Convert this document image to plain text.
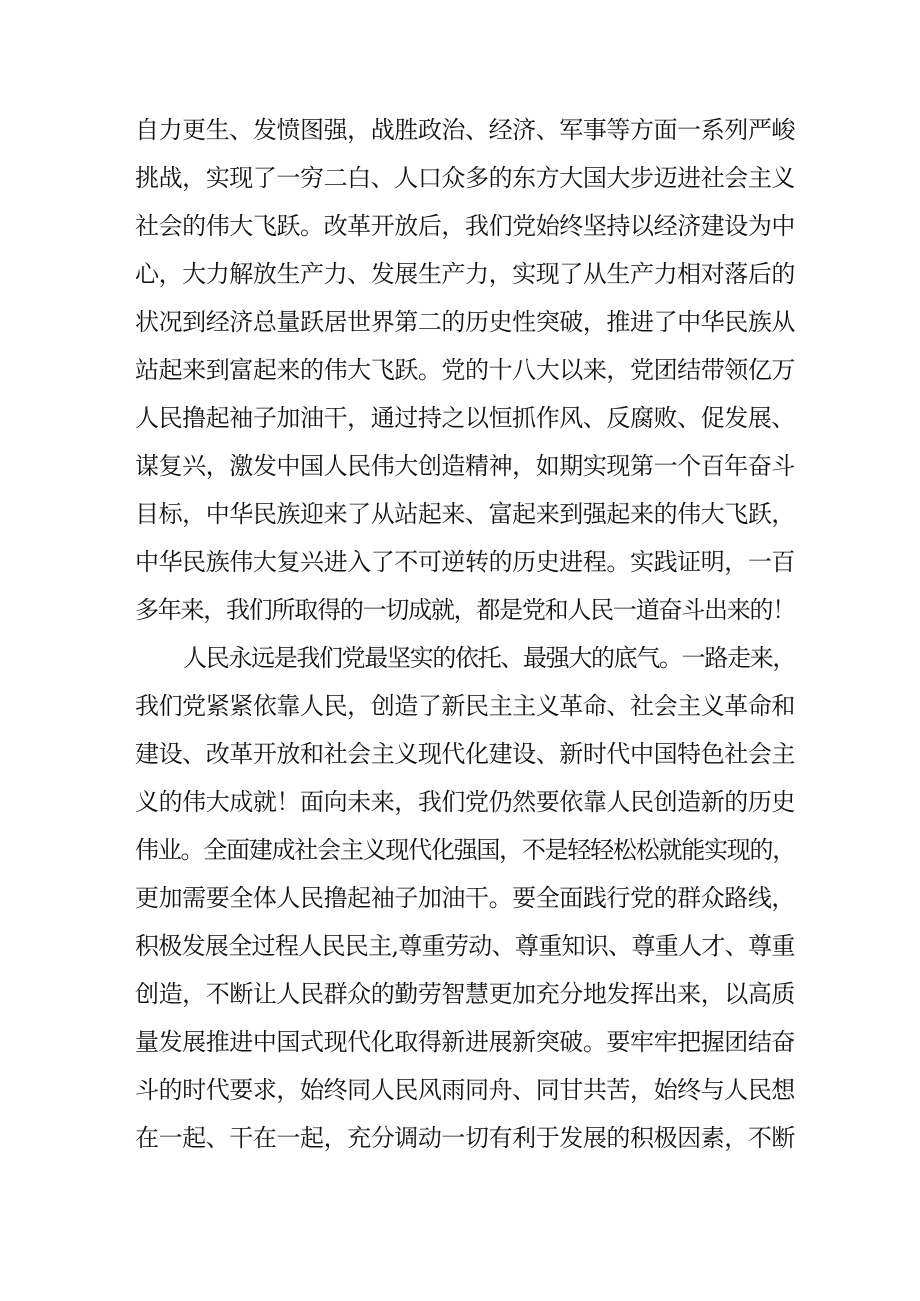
自力更生、发愤图强，战胜政治、经济、军事等方面一系列严峻
挑战，实现了一穷二白、人口众多的东方大国大步迈进社会主义
社会的伟大飞跃。改革开放后，我们党始终坚持以经济建设为中
心，大力解放生产力、发展生产力，实现了从生产力相对落后的
状况到经济总量跃居世界第二的历史性突破，推进了中华民族从
站起来到富起来的伟大飞跃。党的十八大以来，党团结带领亿万
人民撸起袖子加油干，通过持之以恒抓作风、反腐败、促发展、
谋复兴，激发中国人民伟大创造精神，如期实现第一个百年奋斗
目标，中华民族迎来了从站起来、富起来到强起来的伟大飞跃，
中华民族伟大复兴进入了不可逆转的历史进程。实践证明，一百
多年来，我们所取得的一切成就，都是党和人民一道奋斗出来的！
人民永远是我们党最坚实的依托、最强大的底气。一路走来，
我们党紧紧依靠人民，创造了新民主主义革命、社会主义革命和
建设、改革开放和社会主义现代化建设、新时代中国特色社会主
义的伟大成就！面向未来，我们党仍然要依靠人民创造新的历史
伟业。全面建成社会主义现代化强国，不是轻轻松松就能实现的，
更加需要全体人民撸起袖子加油干。要全面践行党的群众路线，
积极发展全过程人民民主,尊重劳动、尊重知识、尊重人才、尊重
创造，不断让人民群众的勤劳智慧更加充分地发挥出来，以高质
量发展推进中国式现代化取得新进展新突破。要牢牢把握团结奋
斗的时代要求，始终同人民风雨同舟、同甘共苦，始终与人民想
在一起、干在一起，充分调动一切有利于发展的积极因素，不断
